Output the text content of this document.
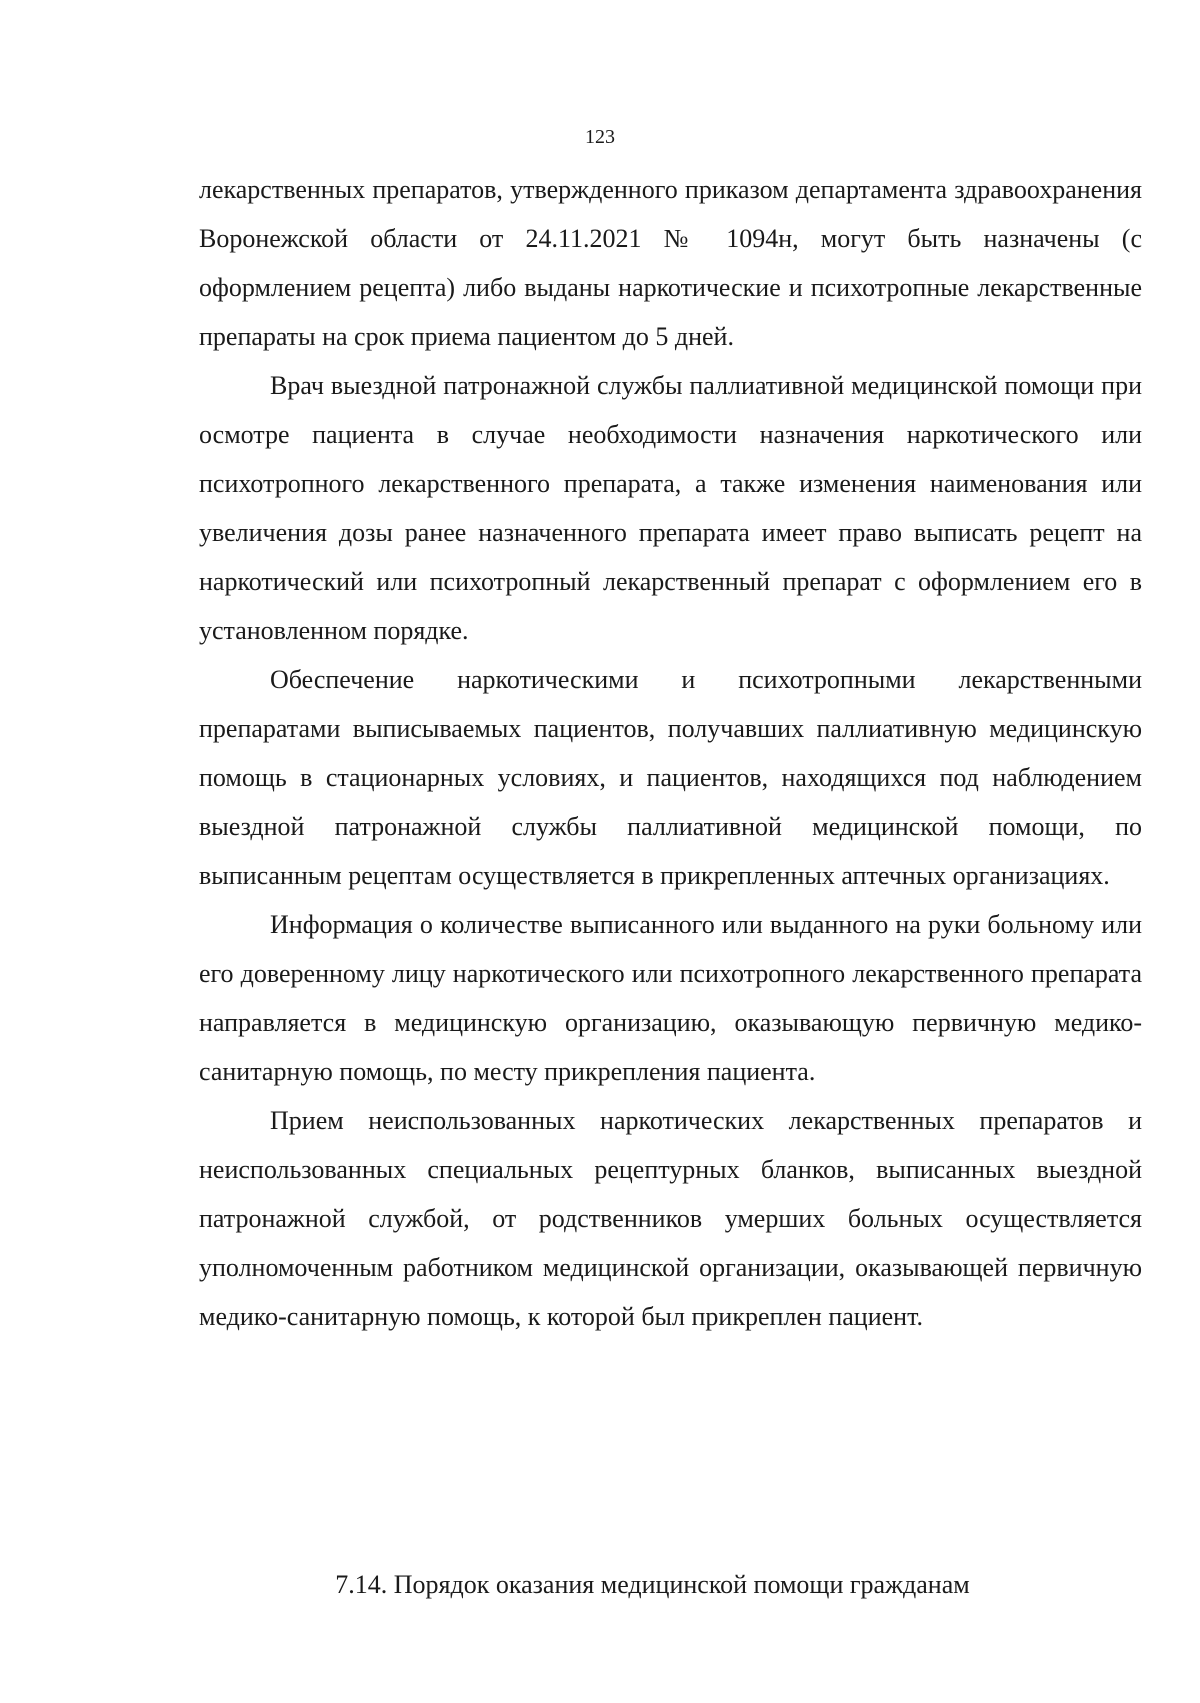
123

лекарственных препаратов, утвержденного приказом департамента здравоохранения Воронежской области от 24.11.2021 № 1094н, могут быть назначены (с оформлением рецепта) либо выданы наркотические и психотропные лекарственные препараты на срок приема пациентом до 5 дней.

Врач выездной патронажной службы паллиативной медицинской помощи при осмотре пациента в случае необходимости назначения наркотического или психотропного лекарственного препарата, а также изменения наименования или увеличения дозы ранее назначенного препарата имеет право выписать рецепт на наркотический или психотропный лекарственный препарат с оформлением его в установленном порядке.

Обеспечение наркотическими и психотропными лекарственными препаратами выписываемых пациентов, получавших паллиативную медицинскую помощь в стационарных условиях, и пациентов, находящихся под наблюдением выездной патронажной службы паллиативной медицинской помощи, по выписанным рецептам осуществляется в прикрепленных аптечных организациях.

Информация о количестве выписанного или выданного на руки больному или его доверенному лицу наркотического или психотропного лекарственного препарата направляется в медицинскую организацию, оказывающую первичную медико-санитарную помощь, по месту прикрепления пациента.

Прием неиспользованных наркотических лекарственных препаратов и неиспользованных специальных рецептурных бланков, выписанных выездной патронажной службой, от родственников умерших больных осуществляется уполномоченным работником медицинской организации, оказывающей первичную медико-санитарную помощь, к которой был прикреплен пациент.

7.14. Порядок оказания медицинской помощи гражданам
